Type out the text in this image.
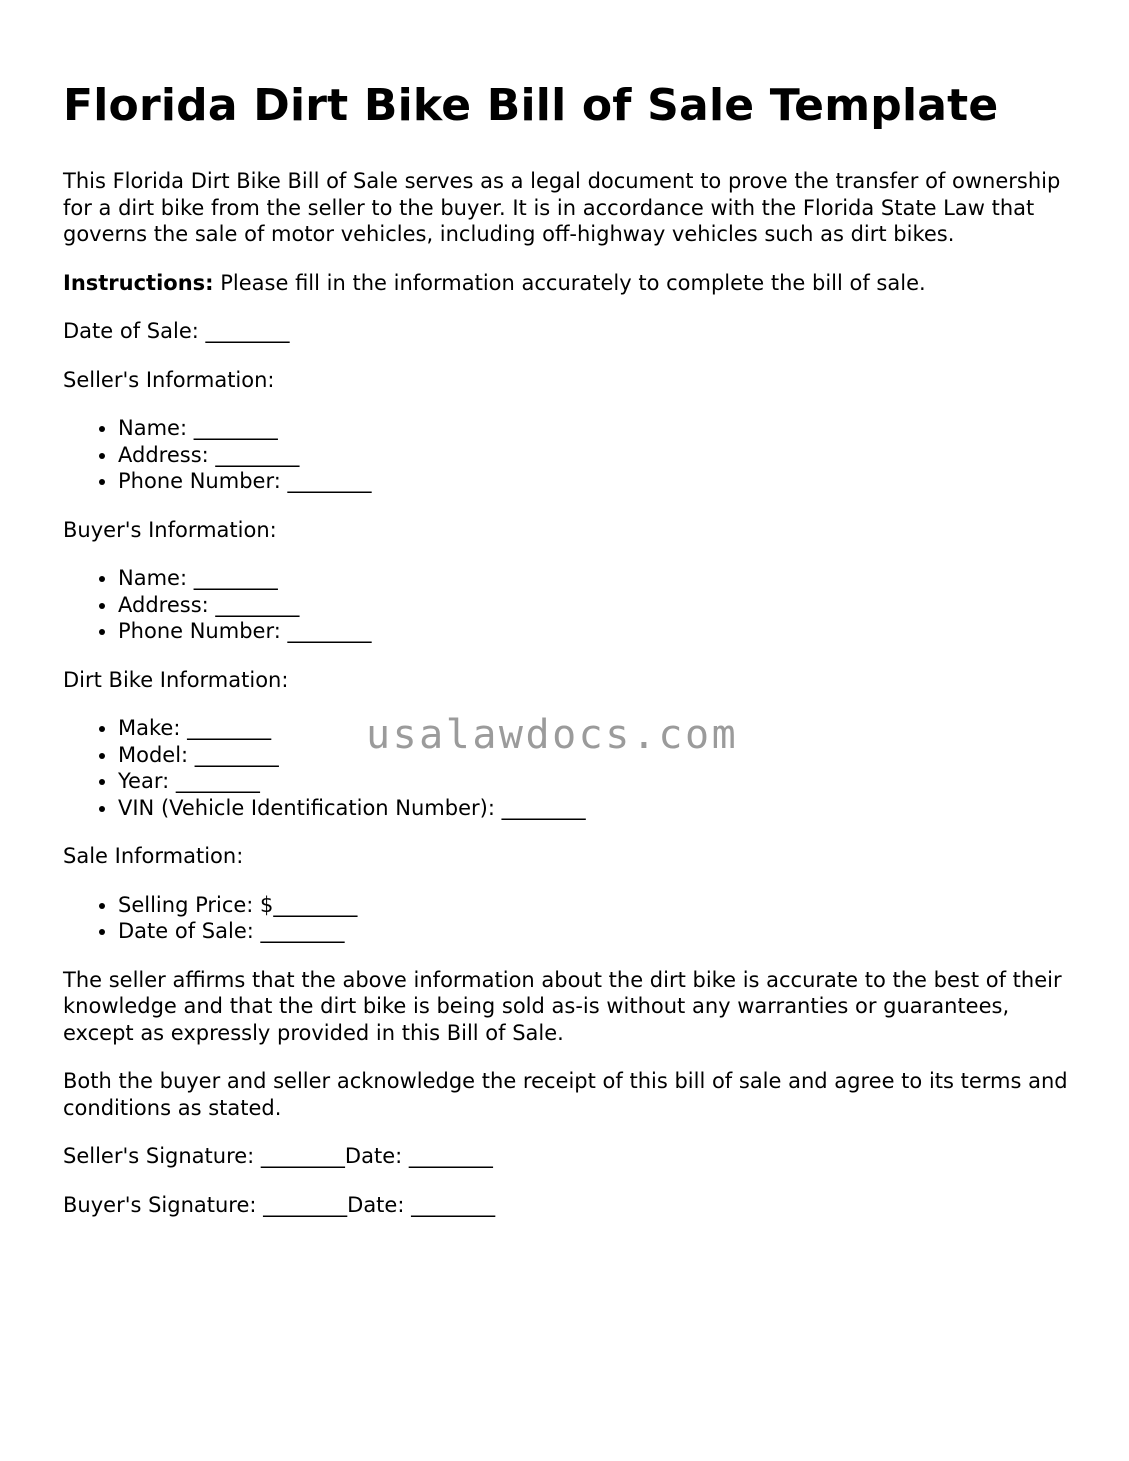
Florida Dirt Bike Bill of Sale Template

This Florida Dirt Bike Bill of Sale serves as a legal document to prove the transfer of ownership for a dirt bike from the seller to the buyer. It is in accordance with the Florida State Law that governs the sale of motor vehicles, including off-highway vehicles such as dirt bikes.

Instructions: Please fill in the information accurately to complete the bill of sale.

Date of Sale: ________

Seller's Information:

• Name: ________
• Address: ________
• Phone Number: ________

Buyer's Information:

• Name: ________
• Address: ________
• Phone Number: ________

Dirt Bike Information:

• Make: ________
• Model: ________
• Year: ________
• VIN (Vehicle Identification Number): ________

Sale Information:

• Selling Price: $________
• Date of Sale: ________

The seller affirms that the above information about the dirt bike is accurate to the best of their knowledge and that the dirt bike is being sold as-is without any warranties or guarantees, except as expressly provided in this Bill of Sale.

Both the buyer and seller acknowledge the receipt of this bill of sale and agree to its terms and conditions as stated.

Seller's Signature: ________Date: ________

Buyer's Signature: ________Date: ________

usalawdocs.com
